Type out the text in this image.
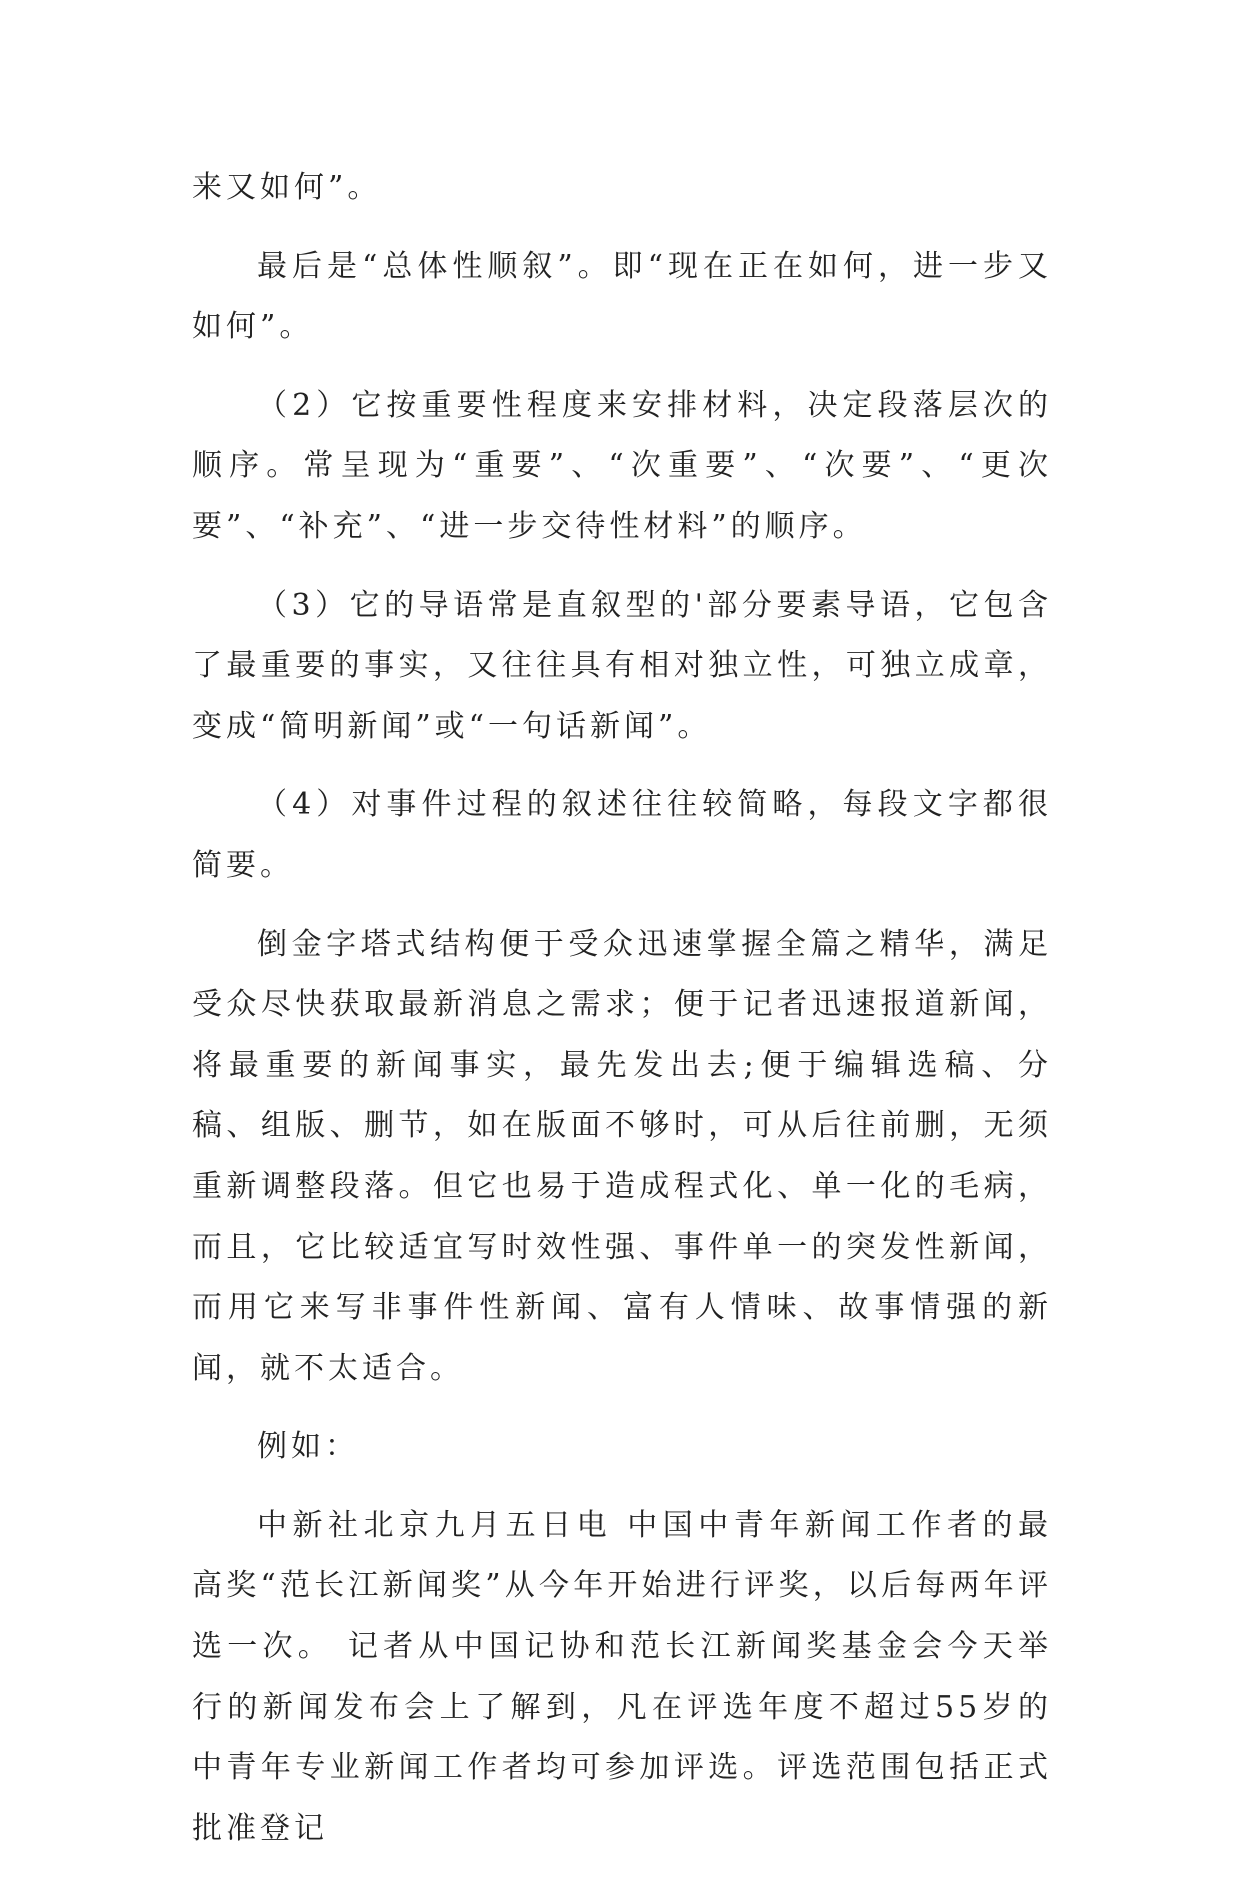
来又如何”。

最后是“总体性顺叙”。即“现在正在如何，进一步又如何”。

（2）它按重要性程度来安排材料，决定段落层次的顺序。常呈现为“重要”、“次重要”、“次要”、“更次要”、“补充”、“进一步交待性材料”的顺序。

（3）它的导语常是直叙型的'部分要素导语，它包含了最重要的事实，又往往具有相对独立性，可独立成章，变成“简明新闻”或“一句话新闻”。

（4）对事件过程的叙述往往较简略，每段文字都很简要。

倒金字塔式结构便于受众迅速掌握全篇之精华，满足受众尽快获取最新消息之需求；便于记者迅速报道新闻，将最重要的新闻事实，最先发出去;便于编辑选稿、分稿、组版、删节，如在版面不够时，可从后往前删，无须重新调整段落。但它也易于造成程式化、单一化的毛病，而且，它比较适宜写时效性强、事件单一的突发性新闻，而用它来写非事件性新闻、富有人情味、故事情强的新闻，就不太适合。

例如：

中新社北京九月五日电 中国中青年新闻工作者的最高奖“范长江新闻奖”从今年开始进行评奖，以后每两年评选一次。 记者从中国记协和范长江新闻奖基金会今天举行的新闻发布会上了解到，凡在评选年度不超过55岁的中青年专业新闻工作者均可参加评选。评选范围包括正式批准登记
